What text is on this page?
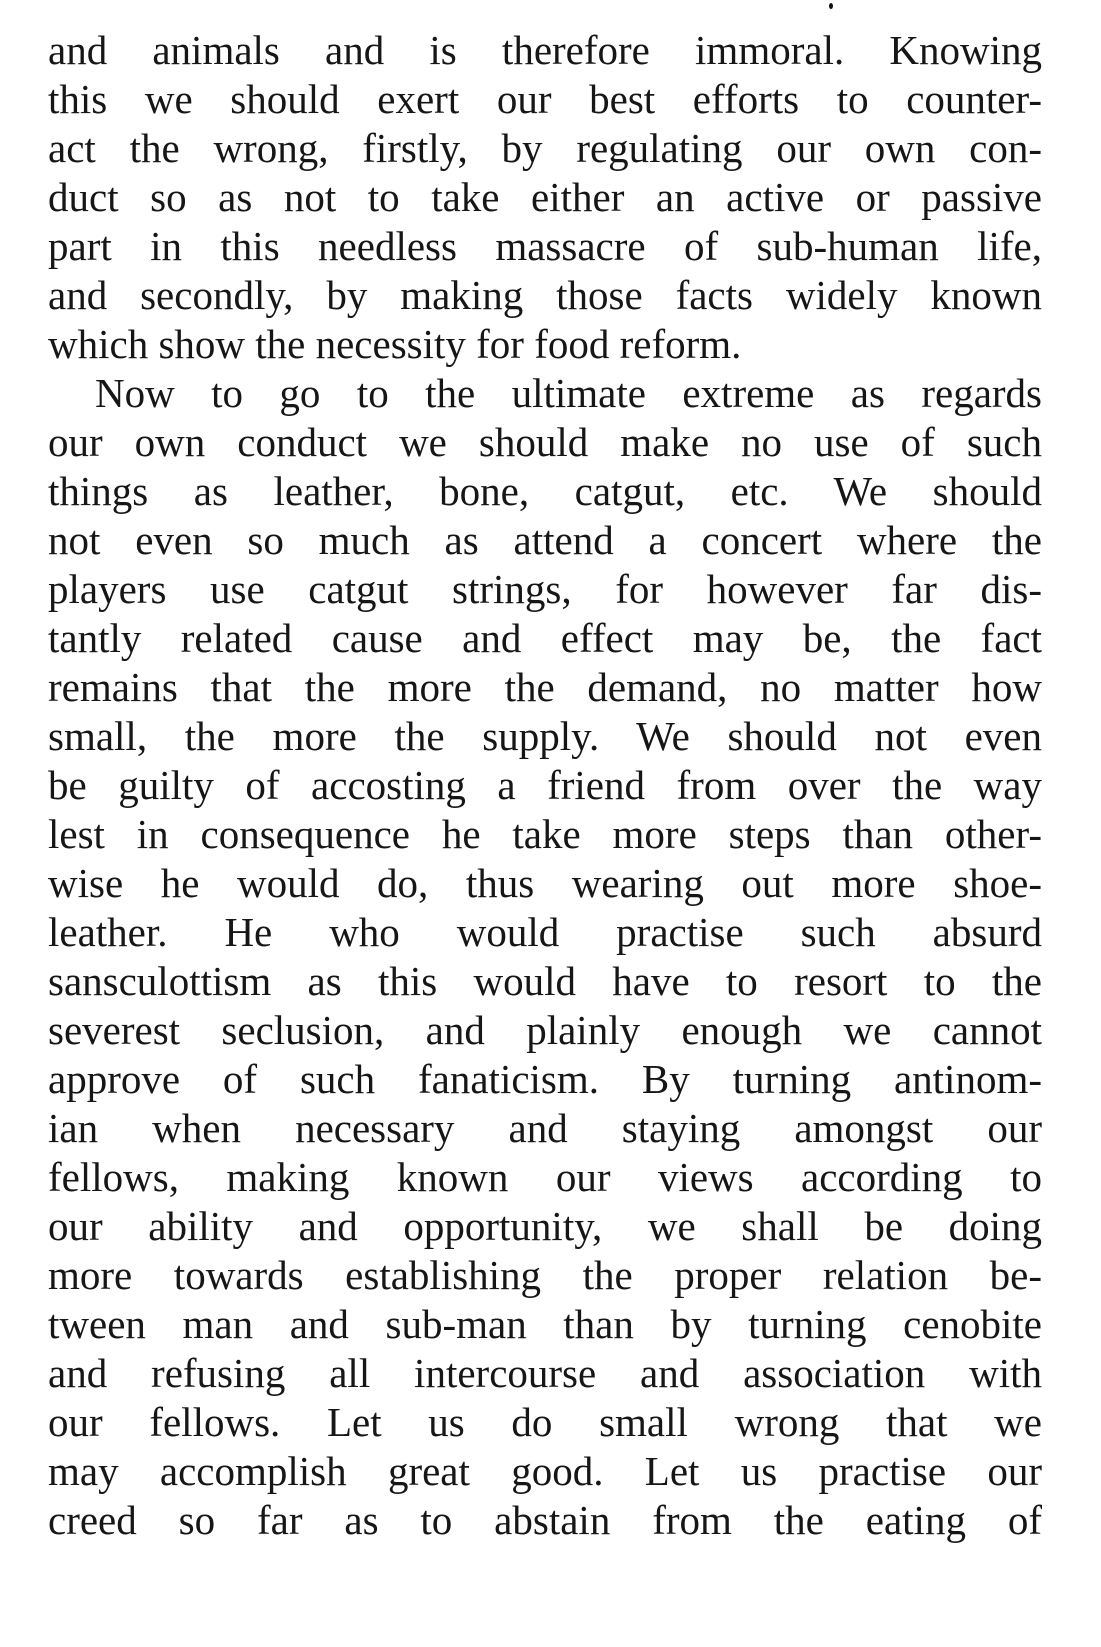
and animals and is therefore immoral. Knowing
this we should exert our best efforts to counter-
act the wrong, firstly, by regulating our own con-
duct so as not to take either an active or passive
part in this needless massacre of sub-human life,
and secondly, by making those facts widely known
which show the necessity for food reform.
Now to go to the ultimate extreme as regards
our own conduct we should make no use of such
things as leather, bone, catgut, etc. We should
not even so much as attend a concert where the
players use catgut strings, for however far dis-
tantly related cause and effect may be, the fact
remains that the more the demand, no matter how
small, the more the supply. We should not even
be guilty of accosting a friend from over the way
lest in consequence he take more steps than other-
wise he would do, thus wearing out more shoe-
leather. He who would practise such absurd
sansculottism as this would have to resort to the
severest seclusion, and plainly enough we cannot
approve of such fanaticism. By turning antinom-
ian when necessary and staying amongst our
fellows, making known our views according to
our ability and opportunity, we shall be doing
more towards establishing the proper relation be-
tween man and sub-man than by turning cenobite
and refusing all intercourse and association with
our fellows. Let us do small wrong that we
may accomplish great good. Let us practise our
creed so far as to abstain from the eating of
